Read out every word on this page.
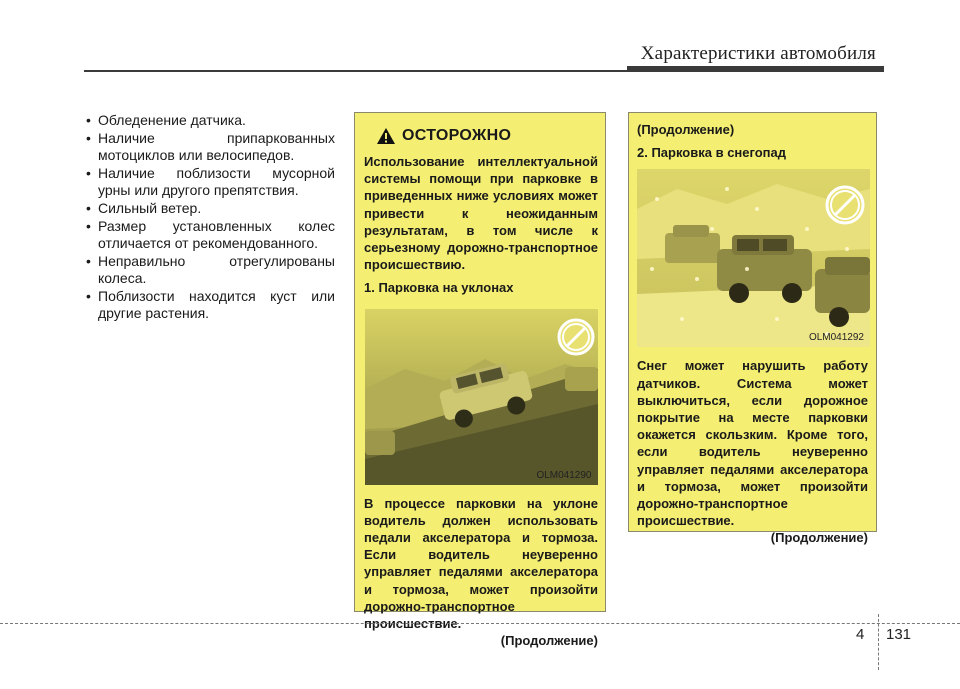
Характеристики автомобиля
• Обледенение датчика.
• Наличие припаркованных мотоциклов или велосипедов.
• Наличие поблизости мусорной урны или другого препятствия.
• Сильный ветер.
• Размер установленных колес отличается от рекомендованного.
• Неправильно отрегулированы колеса.
• Поблизости находится куст или другие растения.
ОСТОРОЖНО
Использование интеллектуальной системы помощи при парковке в приведенных ниже условиях может привести к неожиданным результатам, в том числе к серьезному дорожно-транспортное происшествию.
1. Парковка на уклонах
OLM041290
В процессе парковки на уклоне водитель должен использовать педали акселератора и тормоза. Если водитель неуверенно управляет педалями акселератора и тормоза, может произойти дорожно-транспортное происшествие.
(Продолжение)
(Продолжение)
2. Парковка в снегопад
OLM041292
Снег может нарушить работу датчиков. Система может выключиться, если дорожное покрытие на месте парковки окажется скользким. Кроме того, если водитель неуверенно управляет педалями акселератора и тормоза, может произойти дорожно-транспортное происшествие.
(Продолжение)
4 131
